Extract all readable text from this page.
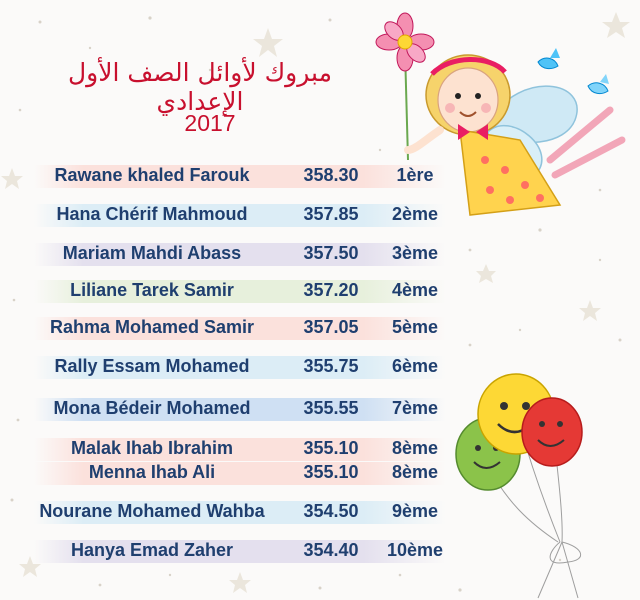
مبروك لأوائل الصف الأول الإعدادي
2017
Rawane khaled Farouk	358.30	1ère
Hana Chérif Mahmoud	357.85	2ème
Mariam Mahdi Abass	357.50	3ème
Liliane Tarek Samir	357.20	4ème
Rahma Mohamed Samir	357.05	5ème
Rally Essam Mohamed	355.75	6ème
Mona Bédeir Mohamed	355.55	7ème
Malak Ihab Ibrahim	355.10	8ème
Menna Ihab Ali	355.10	8ème
Nourane Mohamed Wahba	354.50	9ème
Hanya Emad Zaher	354.40	10ème
